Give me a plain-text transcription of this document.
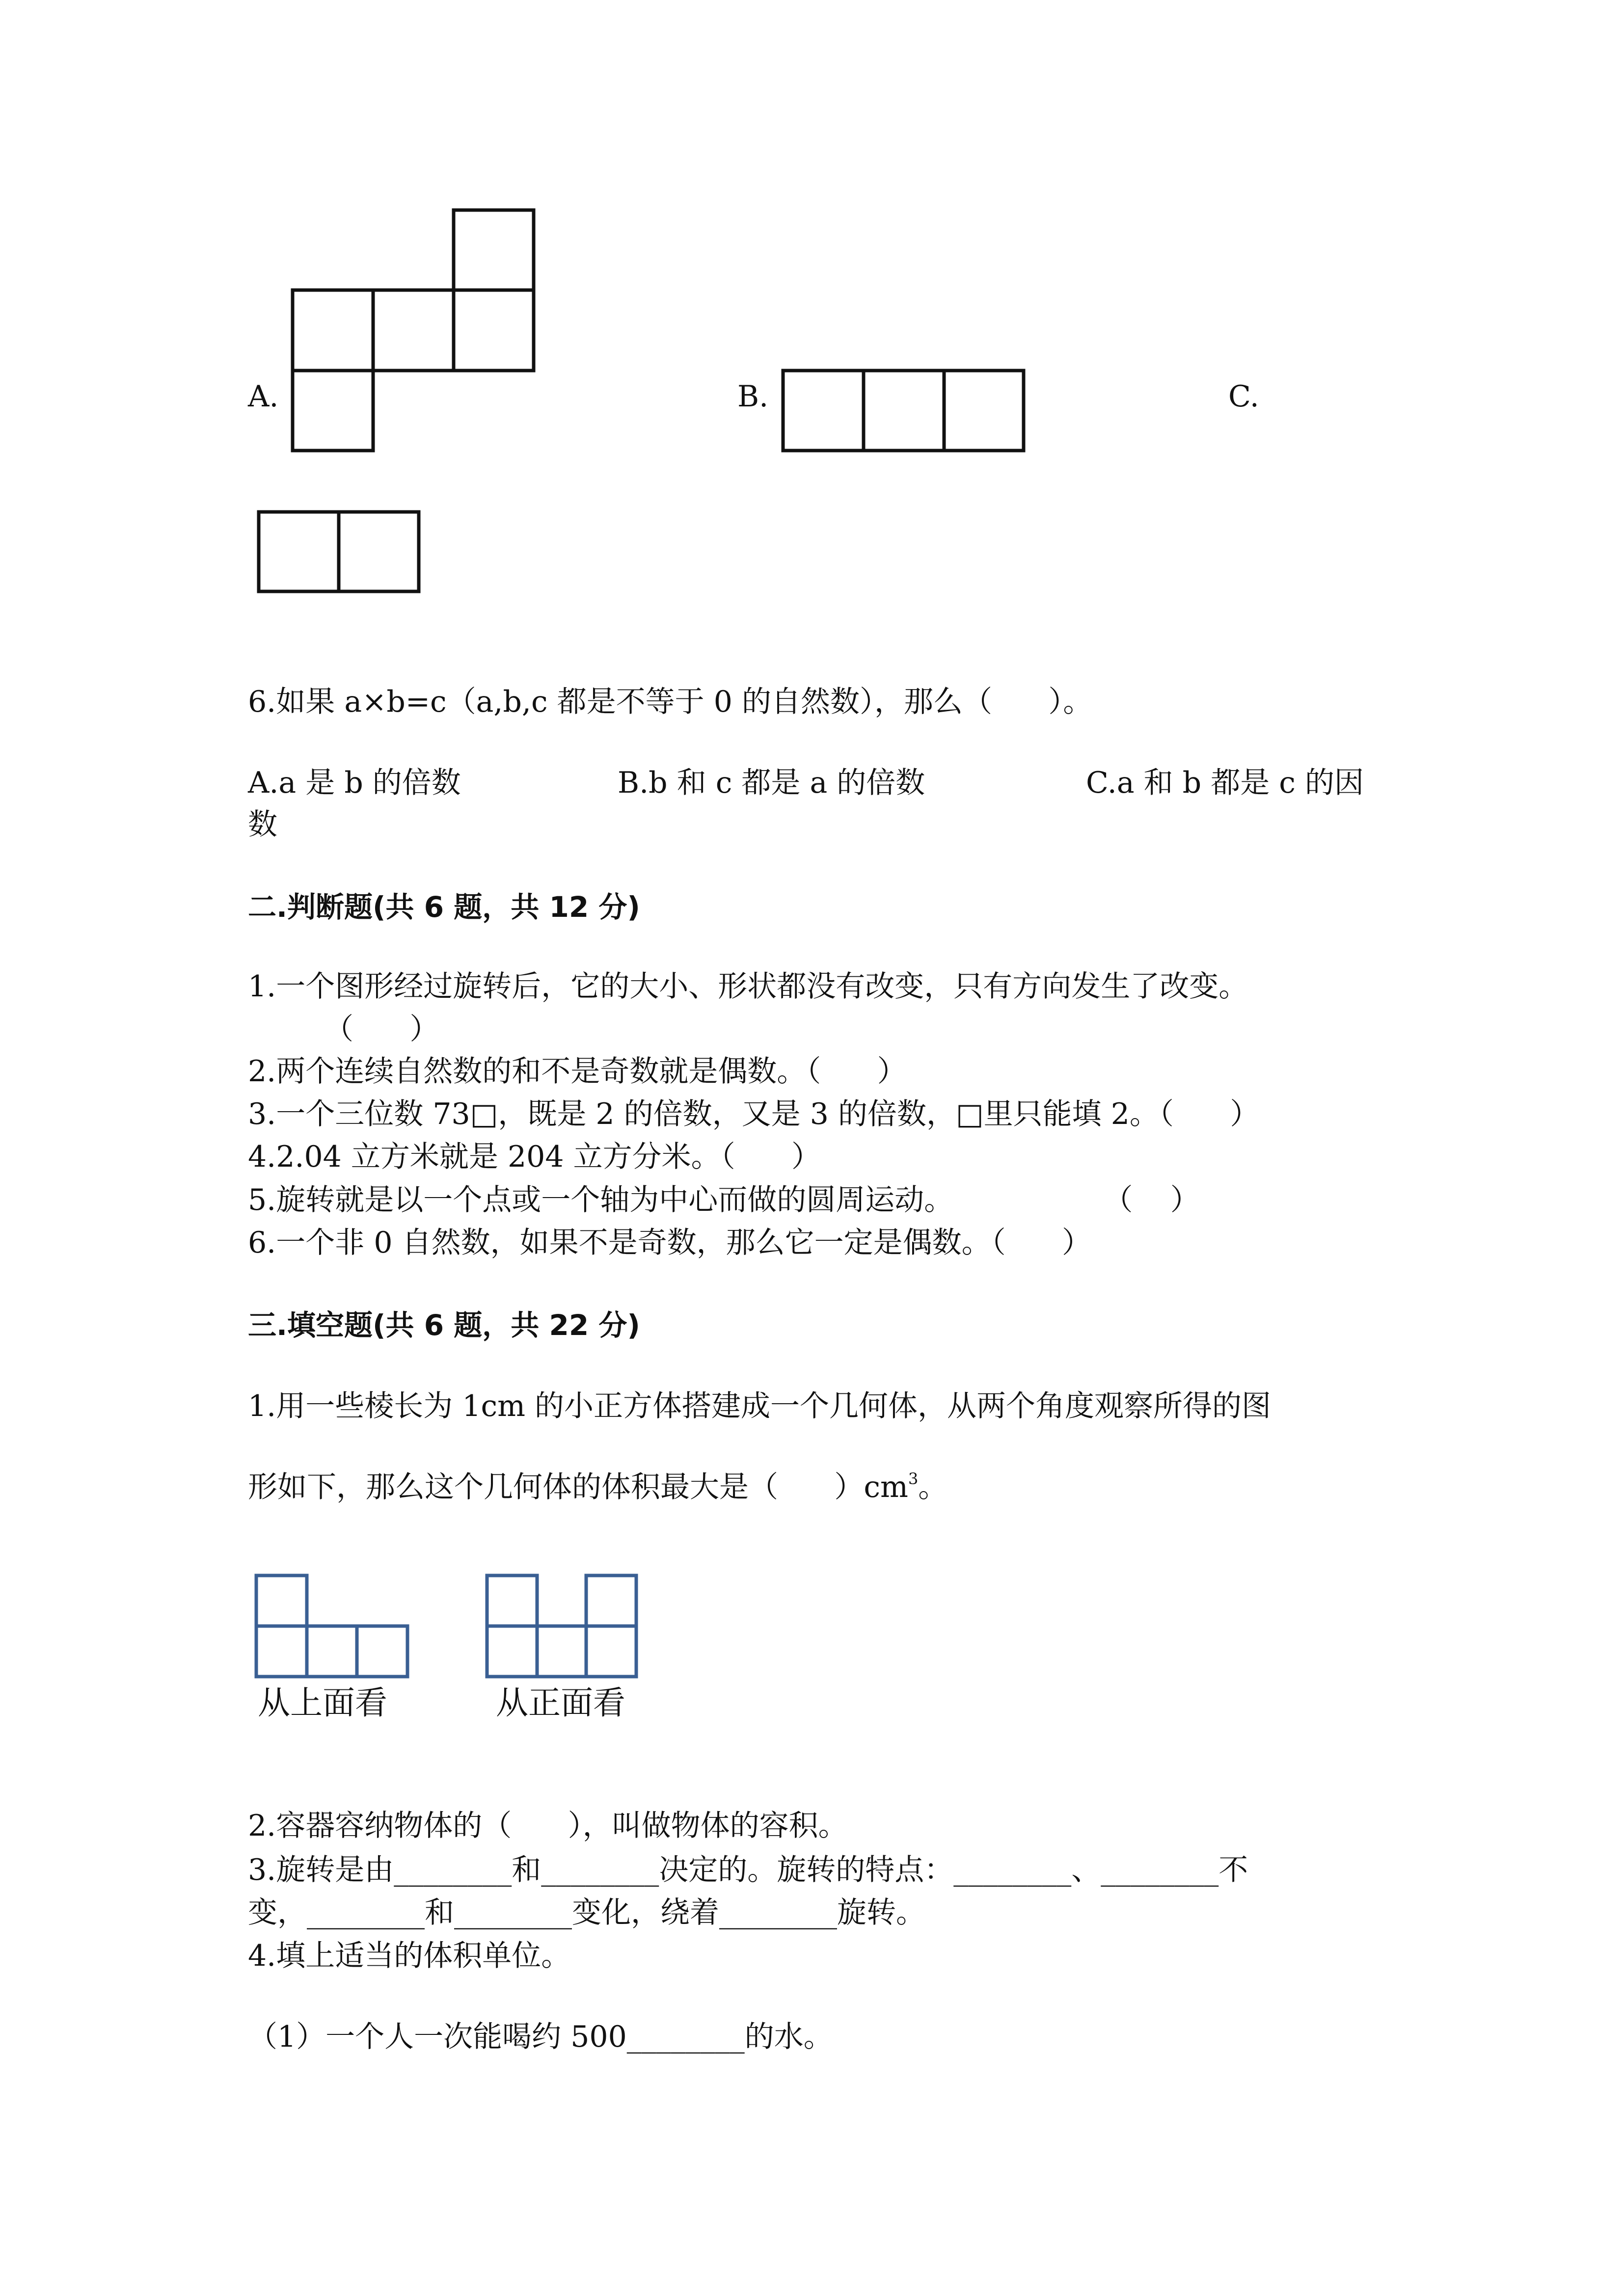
A.	B.	C.
6.如果 a×b=c（a,b,c 都是不等于 0 的自然数），那么（      ）。
A.a 是 b 的倍数	B.b 和 c 都是 a 的倍数	C.a 和 b 都是 c 的因
数
二.判断题(共 6 题，共 12 分)
1.一个图形经过旋转后，它的大小、形状都没有改变，只有方向发生了改变。
（      ）
2.两个连续自然数的和不是奇数就是偶数。（      ）
3.一个三位数 73□，既是 2 的倍数，又是 3 的倍数，□里只能填 2。（      ）
4.2.04 立方米就是 204 立方分米。（      ）
5.旋转就是以一个点或一个轴为中心而做的圆周运动。                （    ）
6.一个非 0 自然数，如果不是奇数，那么它一定是偶数。（      ）
三.填空题(共 6 题，共 22 分)
1.用一些棱长为 1cm 的小正方体搭建成一个几何体，从两个角度观察所得的图
形如下，那么这个几何体的体积最大是（      ）$cm^3$。
从上面看	从正面看
2.容器容纳物体的（      ），叫做物体的容积。
3.旋转是由________和________决定的。旋转的特点：________、________不
变，________和________变化，绕着________旋转。
4.填上适当的体积单位。
（1）一个人一次能喝约 500________的水。
